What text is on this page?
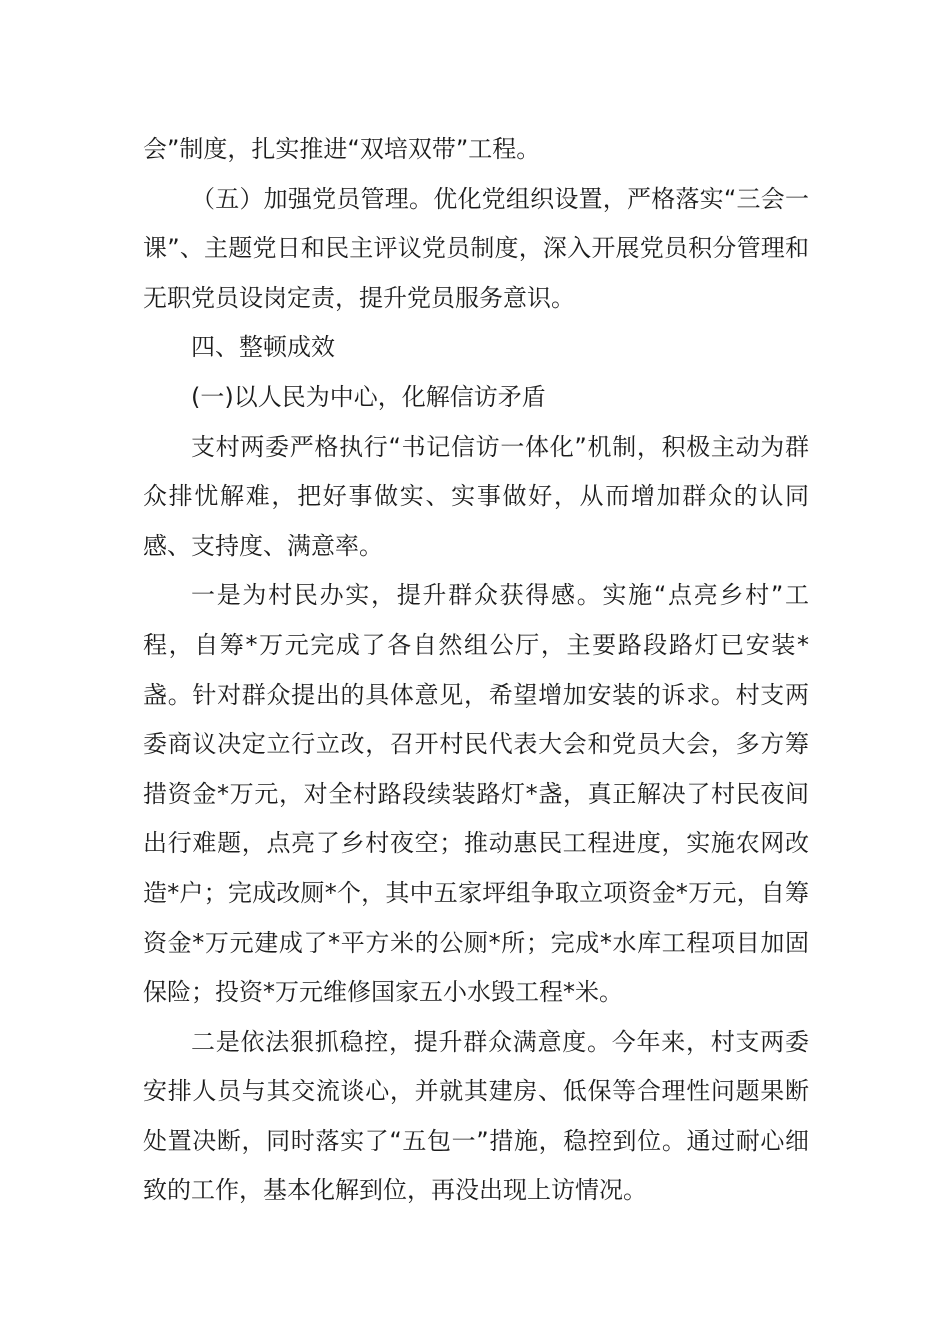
会”制度，扎实推进“双培双带”工程。

（五）加强党员管理。优化党组织设置，严格落实“三会一课”、主题党日和民主评议党员制度，深入开展党员积分管理和无职党员设岗定责，提升党员服务意识。

四、整顿成效

(一)以人民为中心，化解信访矛盾

支村两委严格执行“书记信访一体化”机制，积极主动为群众排忧解难，把好事做实、实事做好，从而增加群众的认同感、支持度、满意率。

一是为村民办实，提升群众获得感。实施“点亮乡村”工程，自筹*万元完成了各自然组公厅，主要路段路灯已安装*盏。针对群众提出的具体意见，希望增加安装的诉求。村支两委商议决定立行立改，召开村民代表大会和党员大会，多方筹措资金*万元，对全村路段续装路灯*盏，真正解决了村民夜间出行难题，点亮了乡村夜空；推动惠民工程进度，实施农网改造*户；完成改厕*个，其中五家坪组争取立项资金*万元，自筹资金*万元建成了*平方米的公厕*所；完成*水库工程项目加固保险；投资*万元维修国家五小水毁工程*米。

二是依法狠抓稳控，提升群众满意度。今年来，村支两委安排人员与其交流谈心，并就其建房、低保等合理性问题果断处置决断，同时落实了“五包一”措施，稳控到位。通过耐心细致的工作，基本化解到位，再没出现上访情况。
